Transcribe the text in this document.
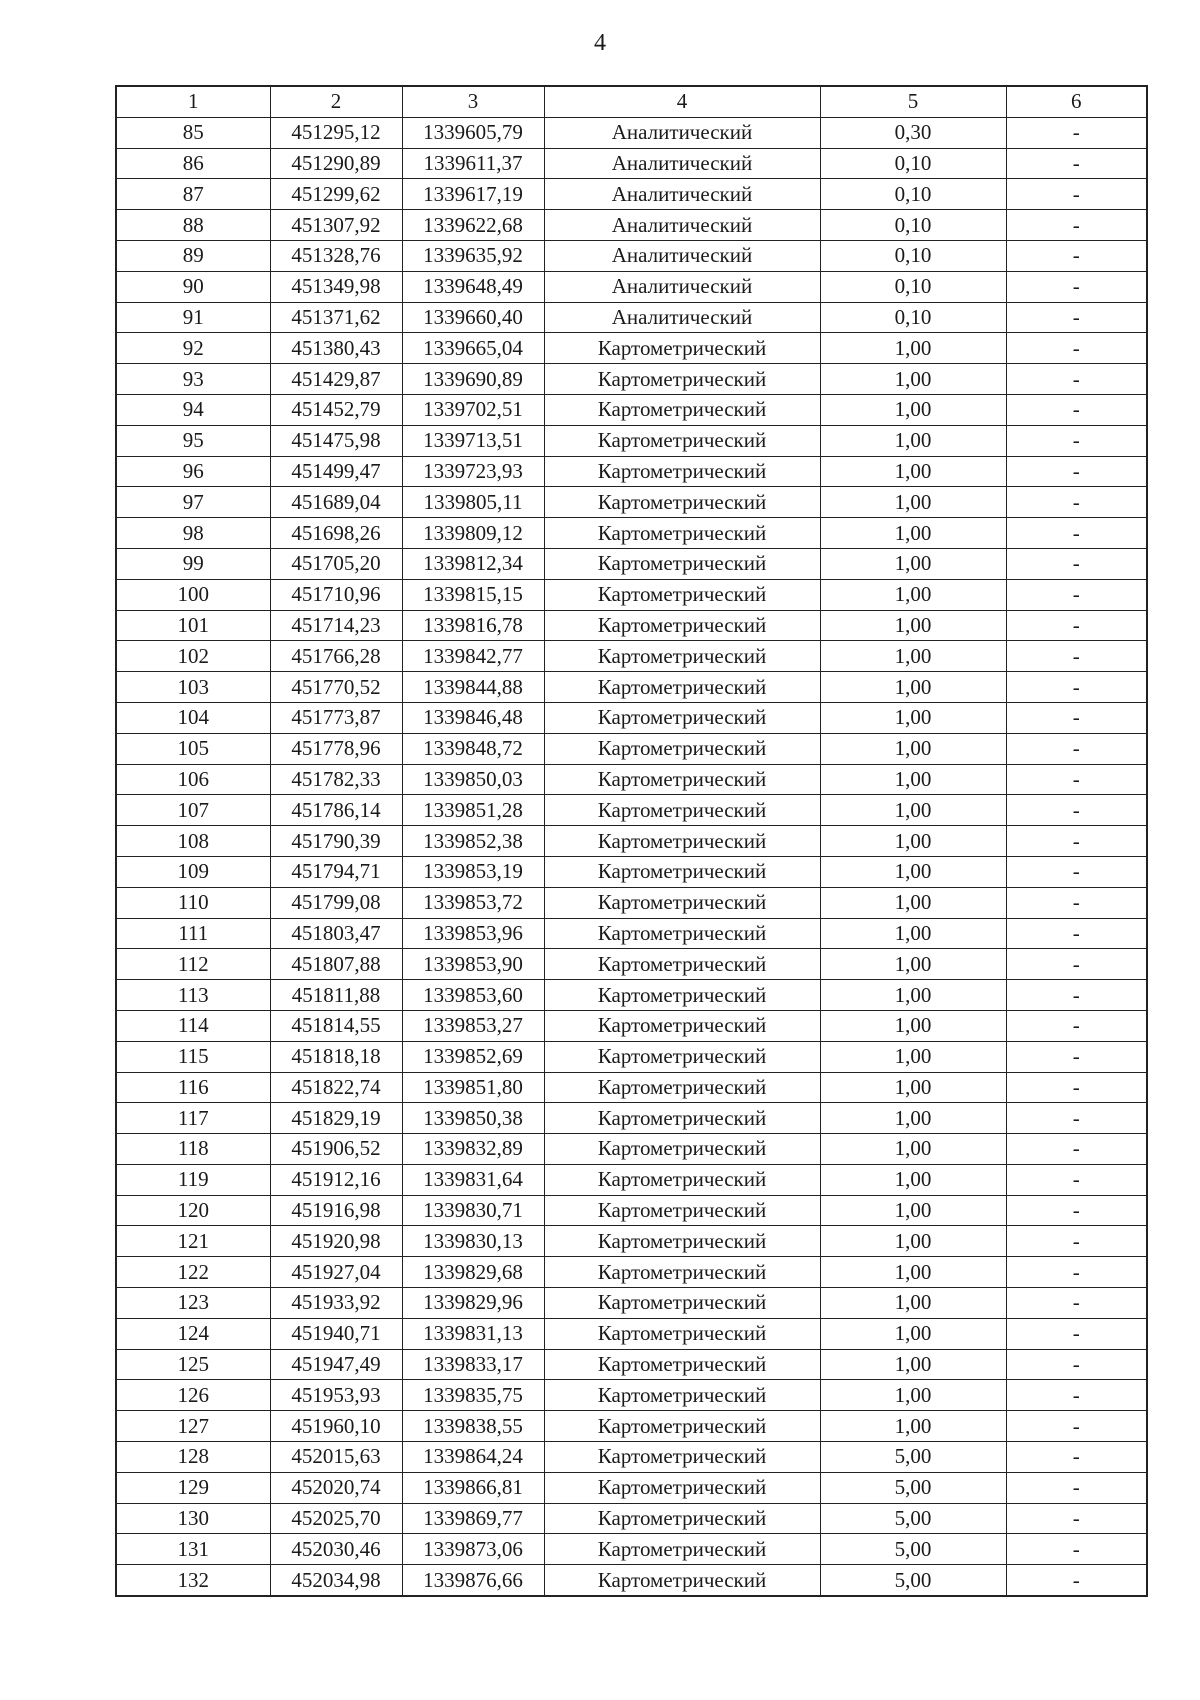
4
1	2	3	4	5	6
85	451295,12	1339605,79	Аналитический	0,30	-
86	451290,89	1339611,37	Аналитический	0,10	-
87	451299,62	1339617,19	Аналитический	0,10	-
88	451307,92	1339622,68	Аналитический	0,10	-
89	451328,76	1339635,92	Аналитический	0,10	-
90	451349,98	1339648,49	Аналитический	0,10	-
91	451371,62	1339660,40	Аналитический	0,10	-
92	451380,43	1339665,04	Картометрический	1,00	-
93	451429,87	1339690,89	Картометрический	1,00	-
94	451452,79	1339702,51	Картометрический	1,00	-
95	451475,98	1339713,51	Картометрический	1,00	-
96	451499,47	1339723,93	Картометрический	1,00	-
97	451689,04	1339805,11	Картометрический	1,00	-
98	451698,26	1339809,12	Картометрический	1,00	-
99	451705,20	1339812,34	Картометрический	1,00	-
100	451710,96	1339815,15	Картометрический	1,00	-
101	451714,23	1339816,78	Картометрический	1,00	-
102	451766,28	1339842,77	Картометрический	1,00	-
103	451770,52	1339844,88	Картометрический	1,00	-
104	451773,87	1339846,48	Картометрический	1,00	-
105	451778,96	1339848,72	Картометрический	1,00	-
106	451782,33	1339850,03	Картометрический	1,00	-
107	451786,14	1339851,28	Картометрический	1,00	-
108	451790,39	1339852,38	Картометрический	1,00	-
109	451794,71	1339853,19	Картометрический	1,00	-
110	451799,08	1339853,72	Картометрический	1,00	-
111	451803,47	1339853,96	Картометрический	1,00	-
112	451807,88	1339853,90	Картометрический	1,00	-
113	451811,88	1339853,60	Картометрический	1,00	-
114	451814,55	1339853,27	Картометрический	1,00	-
115	451818,18	1339852,69	Картометрический	1,00	-
116	451822,74	1339851,80	Картометрический	1,00	-
117	451829,19	1339850,38	Картометрический	1,00	-
118	451906,52	1339832,89	Картометрический	1,00	-
119	451912,16	1339831,64	Картометрический	1,00	-
120	451916,98	1339830,71	Картометрический	1,00	-
121	451920,98	1339830,13	Картометрический	1,00	-
122	451927,04	1339829,68	Картометрический	1,00	-
123	451933,92	1339829,96	Картометрический	1,00	-
124	451940,71	1339831,13	Картометрический	1,00	-
125	451947,49	1339833,17	Картометрический	1,00	-
126	451953,93	1339835,75	Картометрический	1,00	-
127	451960,10	1339838,55	Картометрический	1,00	-
128	452015,63	1339864,24	Картометрический	5,00	-
129	452020,74	1339866,81	Картометрический	5,00	-
130	452025,70	1339869,77	Картометрический	5,00	-
131	452030,46	1339873,06	Картометрический	5,00	-
132	452034,98	1339876,66	Картометрический	5,00	-
